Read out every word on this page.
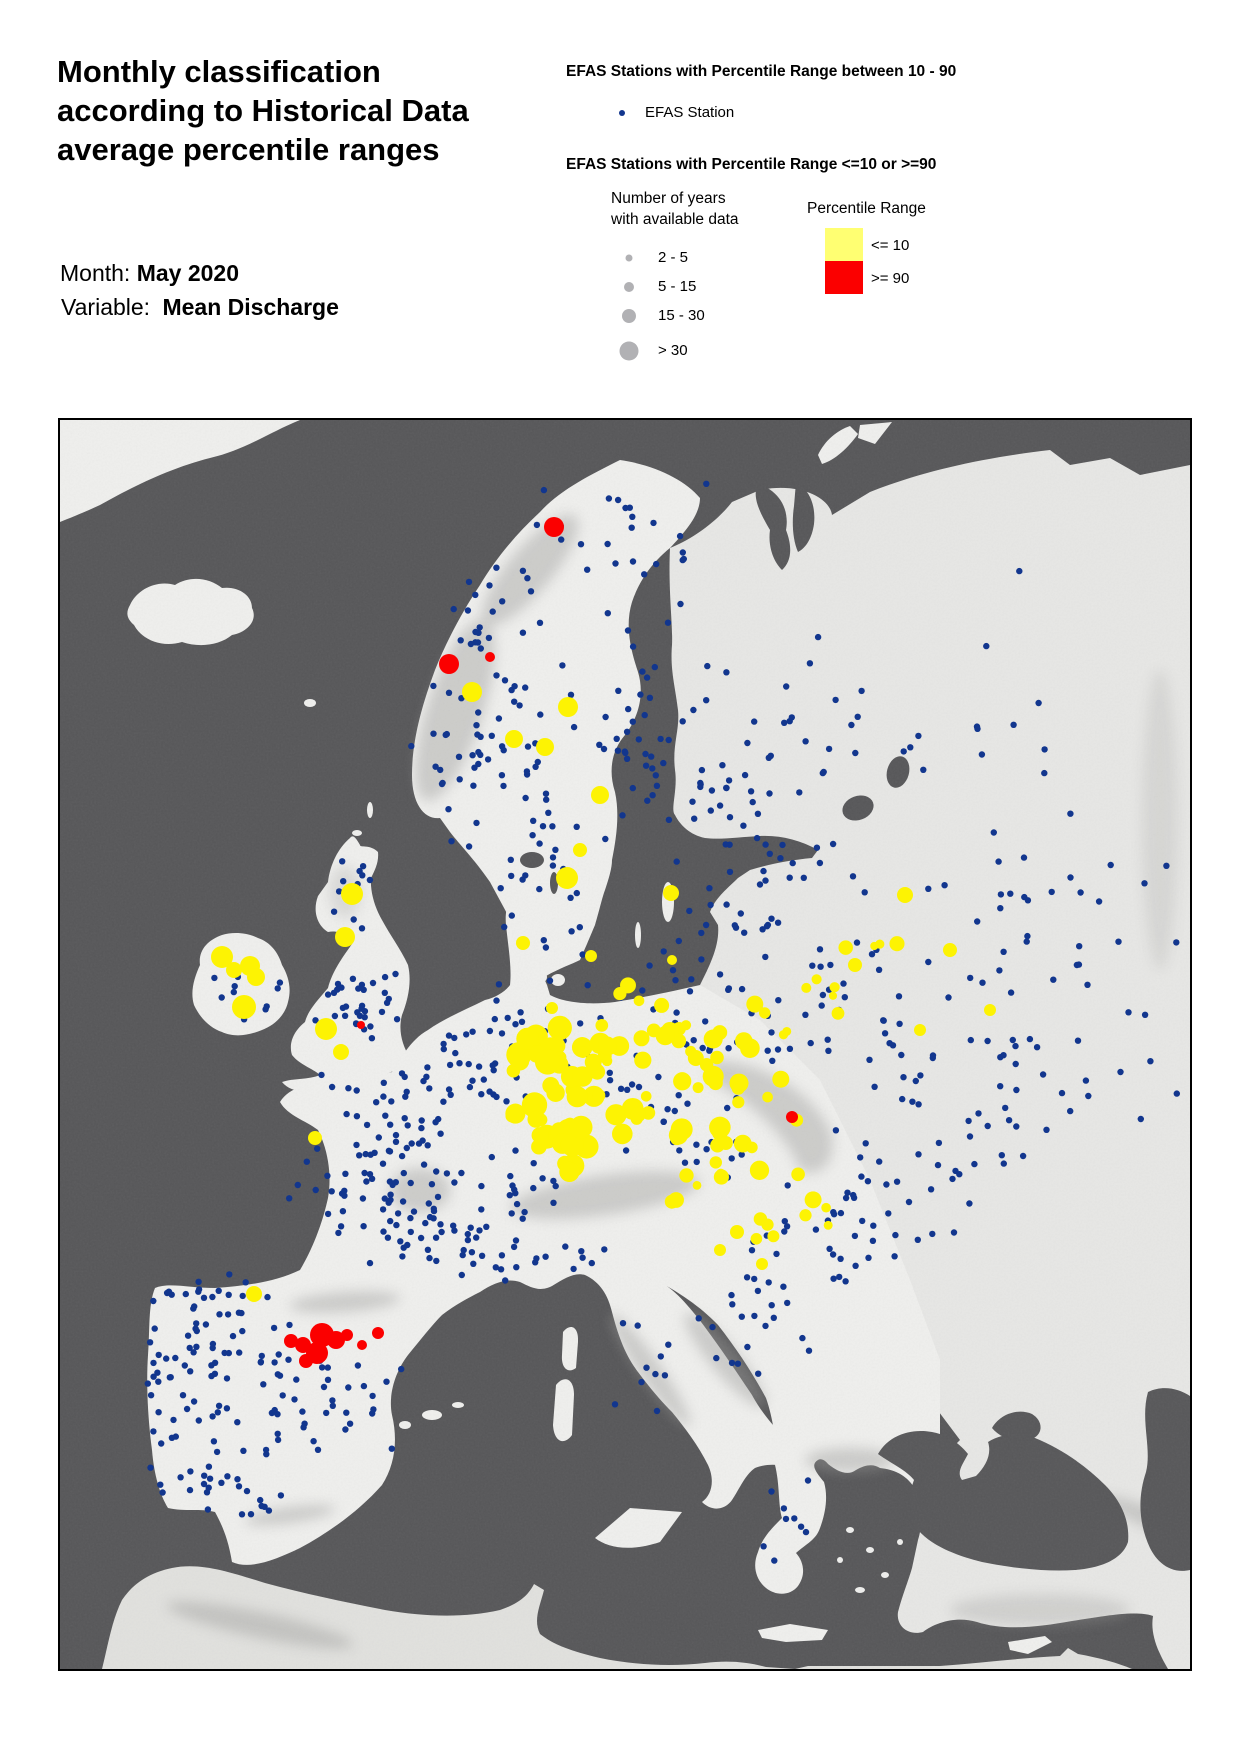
Monthly classification according to Historical Data average percentile ranges
Month: May 2020
Variable: Mean Discharge
EFAS Stations with Percentile Range between 10 - 90
EFAS Station
EFAS Stations with Percentile Range <=10 or >=90
Number of years
with available data
2 - 5
5 - 15
15 - 30
> 30
Percentile Range
<= 10
>= 90
